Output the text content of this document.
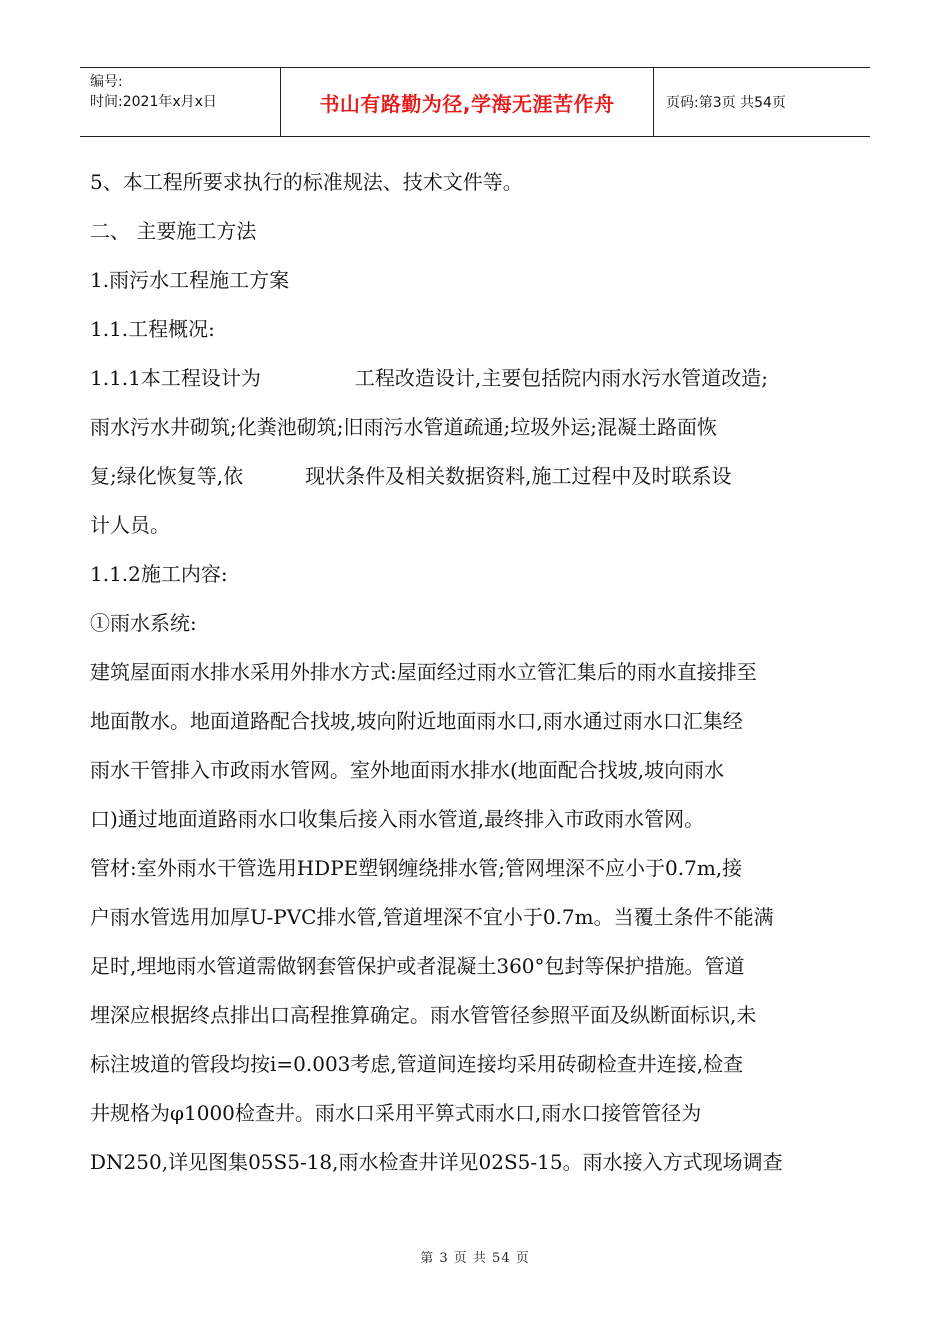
编号:
时间:2021年x月x日	书山有路勤为径,学海无涯苦作舟	页码:第3页 共54页

5、本工程所要求执行的标准规法、技术文件等。

二、 主要施工方法

1.雨污水工程施工方案

1.1.工程概况:

1.1.1本工程设计为	工程改造设计,主要包括院内雨水污水管道改造;

雨水污水井砌筑;化粪池砌筑;旧雨污水管道疏通;垃圾外运;混凝土路面恢

复;绿化恢复等,依	现状条件及相关数据资料,施工过程中及时联系设

计人员。

1.1.2施工内容:

①雨水系统:

建筑屋面雨水排水采用外排水方式:屋面经过雨水立管汇集后的雨水直接排至

地面散水。地面道路配合找坡,坡向附近地面雨水口,雨水通过雨水口汇集经

雨水干管排入市政雨水管网。室外地面雨水排水(地面配合找坡,坡向雨水

口)通过地面道路雨水口收集后接入雨水管道,最终排入市政雨水管网。

管材:室外雨水干管选用HDPE塑钢缠绕排水管;管网埋深不应小于0.7m,接

户雨水管选用加厚U-PVC排水管,管道埋深不宜小于0.7m。当覆土条件不能满

足时,埋地雨水管道需做钢套管保护或者混凝土360°包封等保护措施。管道

埋深应根据终点排出口高程推算确定。雨水管管径参照平面及纵断面标识,未

标注坡道的管段均按i=0.003考虑,管道间连接均采用砖砌检查井连接,检查

井规格为φ1000检查井。雨水口采用平箅式雨水口,雨水口接管管径为

DN250,详见图集05S5-18,雨水检查井详见02S5-15。雨水接入方式现场调查

第 3 页 共 54 页
